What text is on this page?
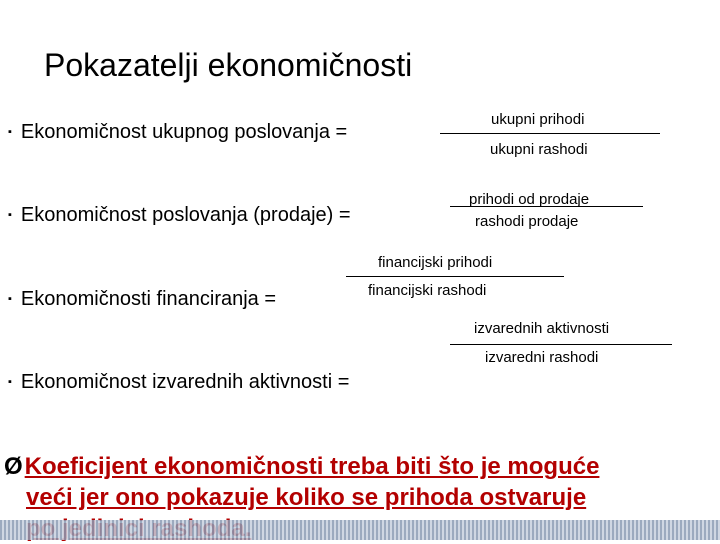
Pokazatelji ekonomičnosti
▪ Ekonomičnost ukupnog poslovanja =
ukupni prihodi
ukupni rashodi
▪ Ekonomičnost poslovanja (prodaje) =
prihodi od prodaje
rashodi prodaje
financijski prihodi
financijski rashodi
▪ Ekonomičnosti financiranja =
izvarednih aktivnosti
izvaredni rashodi
▪ Ekonomičnost izvarednih aktivnosti =
ØKoeficijent ekonomičnosti treba biti što je moguće
veći jer ono pokazuje koliko se prihoda ostvaruje
